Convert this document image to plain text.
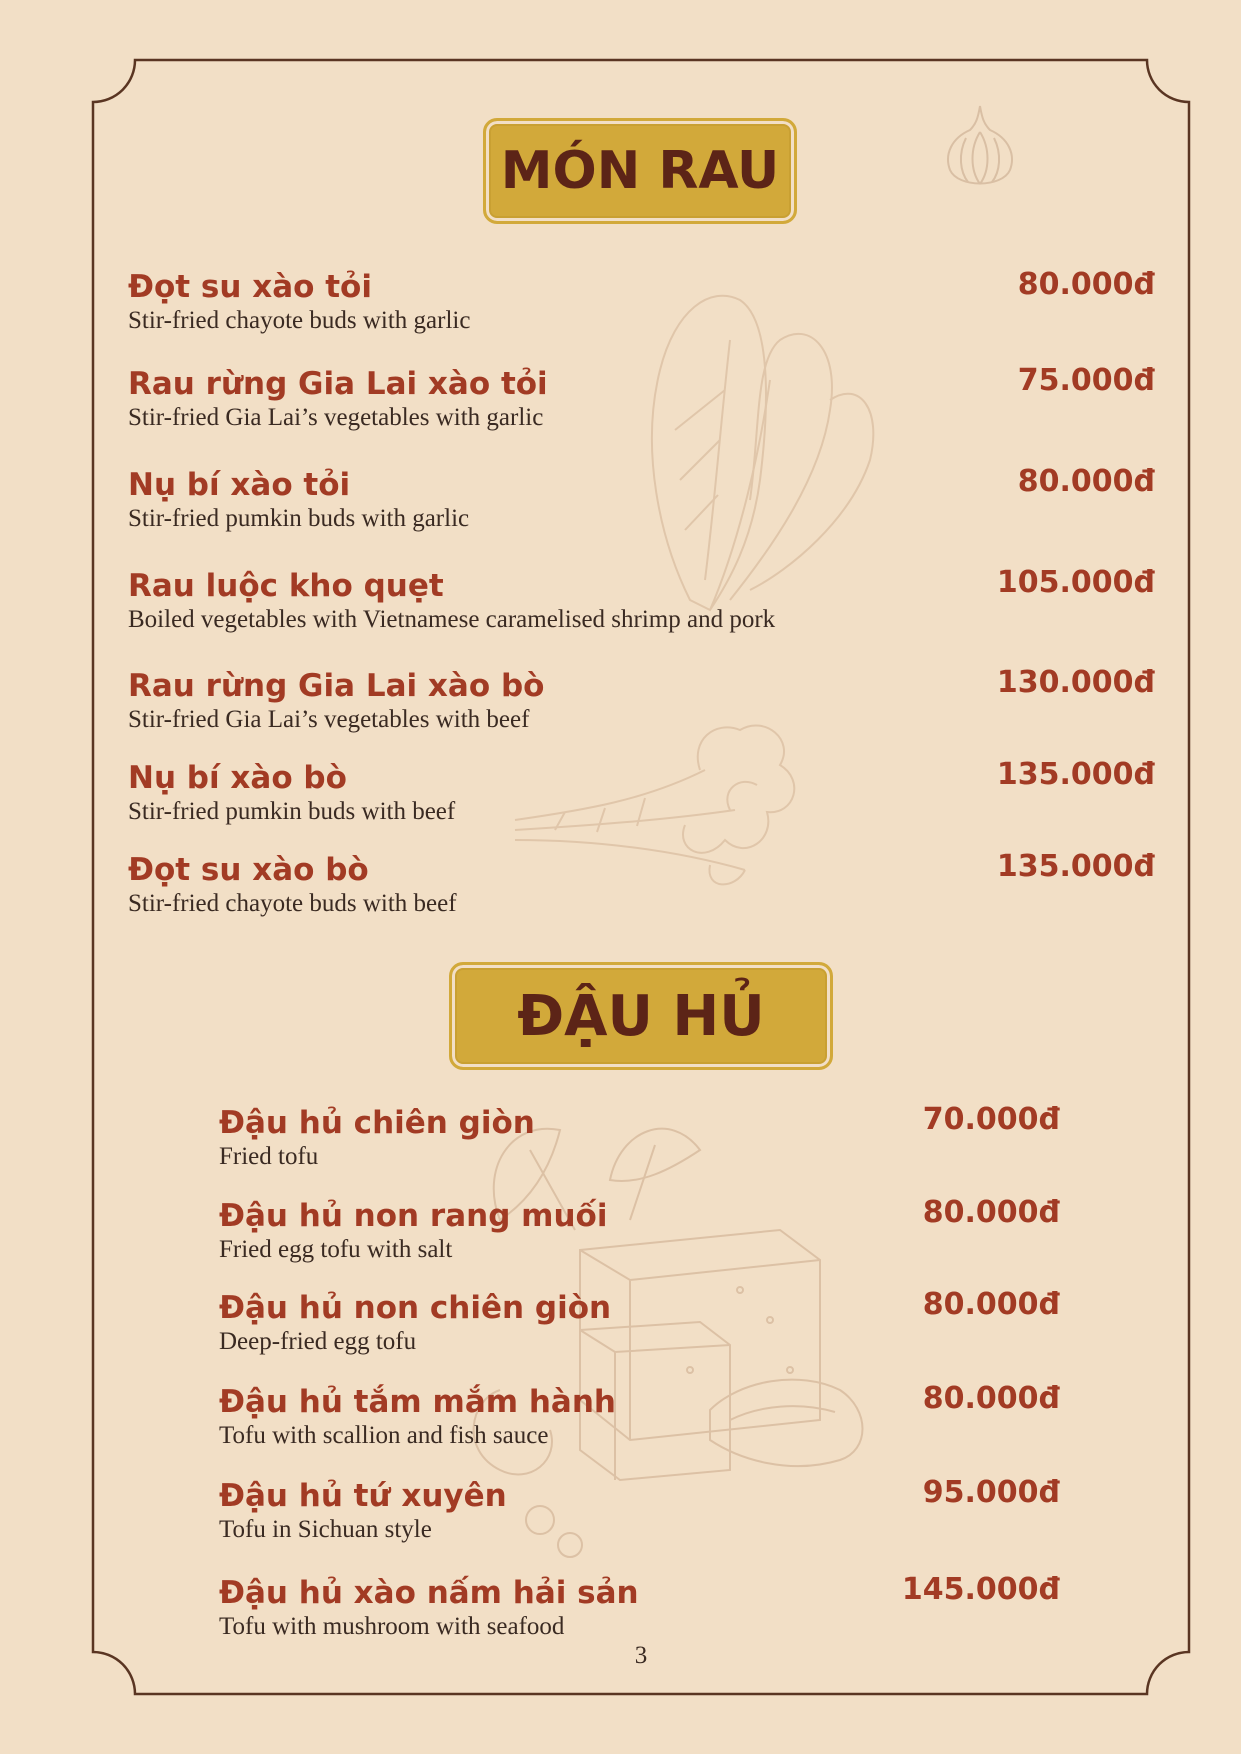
MÓN RAU
Đọt su xào tỏi
Stir-fried chayote buds with garlic
80.000đ
Rau rừng Gia Lai xào tỏi
Stir-fried Gia Lai’s vegetables with garlic
75.000đ
Nụ bí xào tỏi
Stir-fried pumkin buds with garlic
80.000đ
Rau luộc kho quẹt
Boiled vegetables with Vietnamese caramelised shrimp and pork
105.000đ
Rau rừng Gia Lai xào bò
Stir-fried Gia Lai’s vegetables with beef
130.000đ
Nụ bí xào bò
Stir-fried pumkin buds with beef
135.000đ
Đọt su xào bò
Stir-fried chayote buds with beef
135.000đ
ĐẬU HỦ
Đậu hủ chiên giòn
Fried tofu
70.000đ
Đậu hủ non rang muối
Fried egg tofu with salt
80.000đ
Đậu hủ non chiên giòn
Deep-fried egg tofu
80.000đ
Đậu hủ tắm mắm hành
Tofu with scallion and fish sauce
80.000đ
Đậu hủ tứ xuyên
Tofu in Sichuan style
95.000đ
Đậu hủ xào nấm hải sản
Tofu with mushroom with seafood
145.000đ
3
